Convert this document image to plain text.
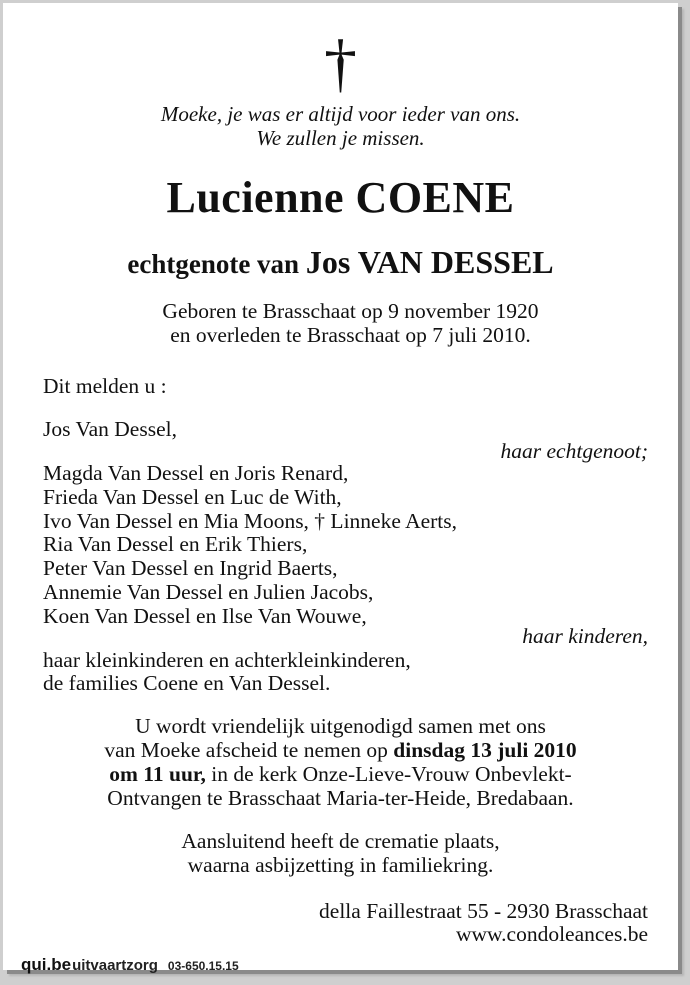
†
Moeke, je was er altijd voor ieder van ons.
We zullen je missen.
Lucienne COENE
echtgenote van Jos VAN DESSEL
Geboren te Brasschaat op 9 november 1920
en overleden te Brasschaat op 7 juli 2010.
Dit melden u :
Jos Van Dessel,
haar echtgenoot;
Magda Van Dessel en Joris Renard,
Frieda Van Dessel en Luc de With,
Ivo Van Dessel en Mia Moons, † Linneke Aerts,
Ria Van Dessel en Erik Thiers,
Peter Van Dessel en Ingrid Baerts,
Annemie Van Dessel en Julien Jacobs,
Koen Van Dessel en Ilse Van Wouwe,
haar kinderen,
haar kleinkinderen en achterkleinkinderen,
de families Coene en Van Dessel.
U wordt vriendelijk uitgenodigd samen met ons
van Moeke afscheid te nemen op dinsdag 13 juli 2010
om 11 uur, in de kerk Onze-Lieve-Vrouw Onbevlekt-
Ontvangen te Brasschaat Maria-ter-Heide, Bredabaan.
Aansluitend heeft de crematie plaats,
waarna asbijzetting in familiekring.
della Faillestraat 55 - 2930 Brasschaat
www.condoleances.be
qui.beuitvaartzorg 03-650.15.15
